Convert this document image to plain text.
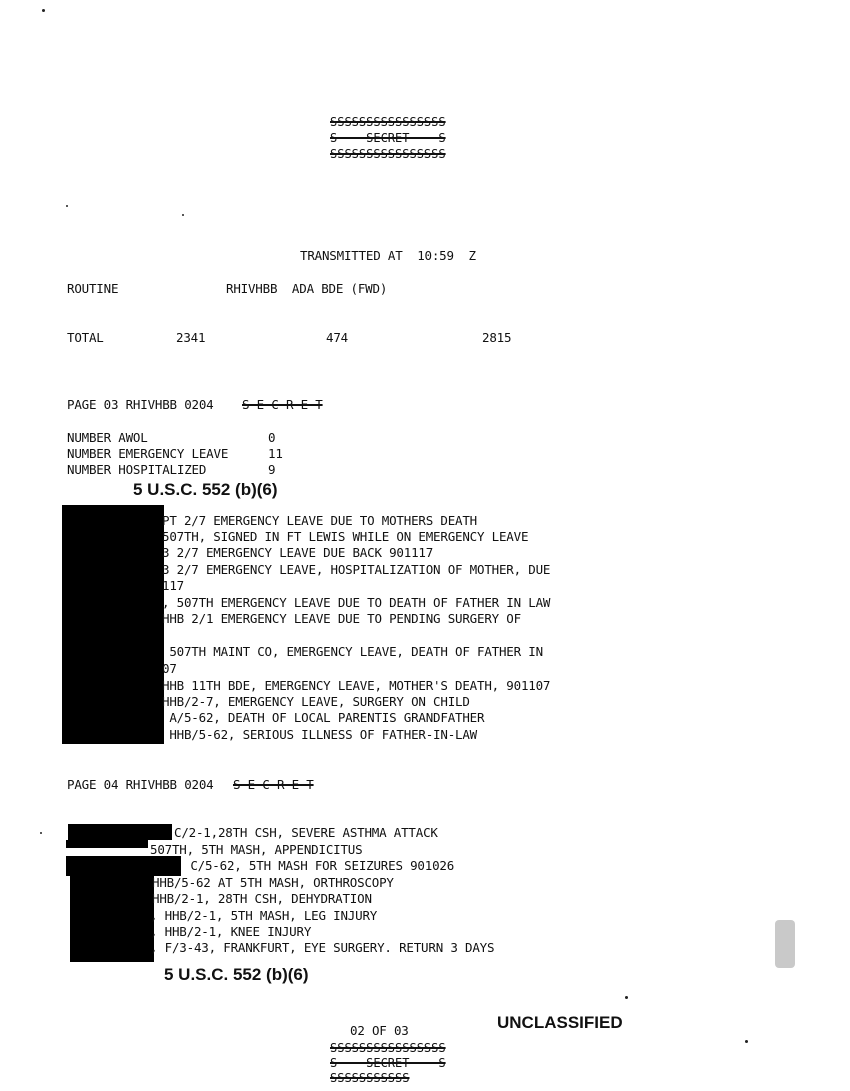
SSSSSSSSSSSSSSSS
S    SECRET    S
SSSSSSSSSSSSSSSS
TRANSMITTED AT  10:59  Z
ROUTINE	RHIVHBB  ADA BDE (FWD)
TOTAL	2341	474	2815
PAGE 03 RHIVHBB 0204 S E C R E T
NUMBER AWOL	0
NUMBER EMERGENCY LEAVE	11
NUMBER HOSPITALIZED	9
5 U.S.C. 552 (b)(6)
PT 2/7 EMERGENCY LEAVE DUE TO MOTHERS DEATH
507TH, SIGNED IN FT LEWIS WHILE ON EMERGENCY LEAVE
3 2/7 EMERGENCY LEAVE DUE BACK 901117
3 2/7 EMERGENCY LEAVE, HOSPITALIZATION OF MOTHER, DUE
117
, 507TH EMERGENCY LEAVE DUE TO DEATH OF FATHER IN LAW
HHB 2/1 EMERGENCY LEAVE DUE TO PENDING SURGERY OF
507TH MAINT CO, EMERGENCY LEAVE, DEATH OF FATHER IN
07
HHB 11TH BDE, EMERGENCY LEAVE, MOTHER'S DEATH, 901107
HHB/2-7, EMERGENCY LEAVE, SURGERY ON CHILD
A/5-62, DEATH OF LOCAL PARENTIS GRANDFATHER
HHB/5-62, SERIOUS ILLNESS OF FATHER-IN-LAW
PAGE 04 RHIVHBB 0204 S E C R E T
C/2-1,28TH CSH, SEVERE ASTHMA ATTACK
507TH, 5TH MASH, APPENDICITUS
C/5-62, 5TH MASH FOR SEIZURES 901026
HHB/5-62 AT 5TH MASH, ORTHROSCOPY
HHB/2-1, 28TH CSH, DEHYDRATION
, HHB/2-1, 5TH MASH, LEG INJURY
, HHB/2-1, KNEE INJURY
, F/3-43, FRANKFURT, EYE SURGERY. RETURN 3 DAYS
5 U.S.C. 552 (b)(6)
02 OF 03	UNCLASSIFIED
SSSSSSSSSSSSSSSS
S    SECRET    S
SSSSSSSSSSS
